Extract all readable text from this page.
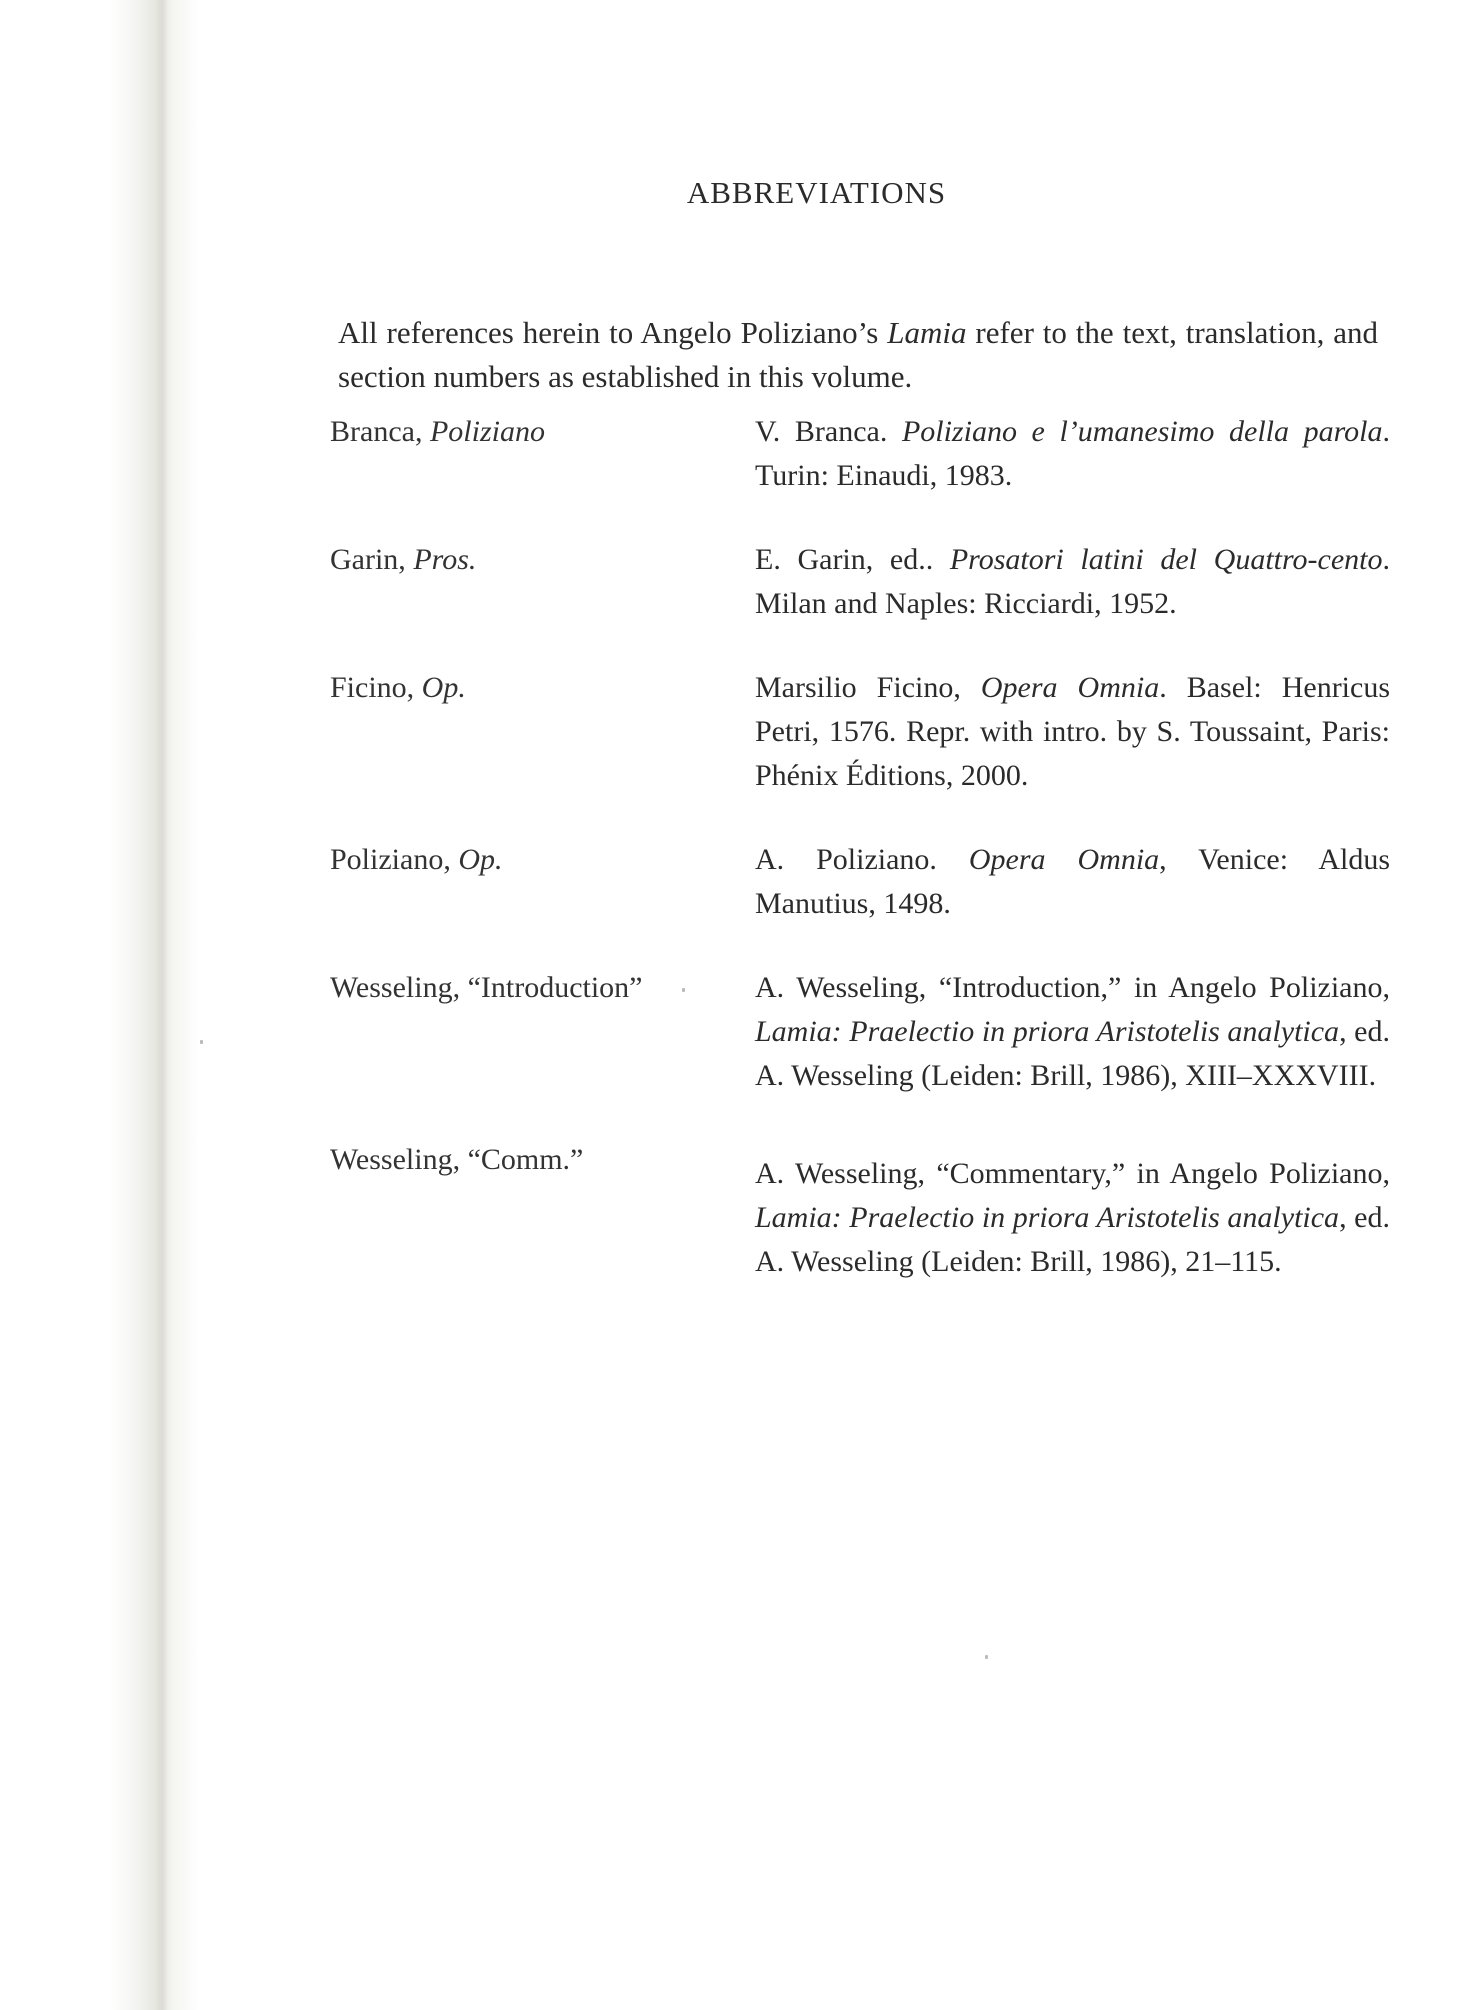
ABBREVIATIONS

All references herein to Angelo Poliziano’s Lamia refer to the text, translation, and section numbers as established in this volume.

Branca, Poliziano	V. Branca. Poliziano e l’umanesimo della parola. Turin: Einaudi, 1983.
Garin, Pros.	E. Garin, ed.. Prosatori latini del Quattro-cento. Milan and Naples: Ricciardi, 1952.
Ficino, Op.	Marsilio Ficino, Opera Omnia. Basel: Henricus Petri, 1576. Repr. with intro. by S. Toussaint, Paris: Phénix Éditions, 2000.
Poliziano, Op.	A. Poliziano. Opera Omnia, Venice: Aldus Manutius, 1498.
Wesseling, “Introduction”	A. Wesseling, “Introduction,” in Angelo Poliziano, Lamia: Praelectio in priora Aristotelis analytica, ed. A. Wesseling (Leiden: Brill, 1986), XIII–XXXVIII.
Wesseling, “Comm.”	A. Wesseling, “Commentary,” in Angelo Poliziano, Lamia: Praelectio in priora Aristotelis analytica, ed. A. Wesseling (Leiden: Brill, 1986), 21–115.
